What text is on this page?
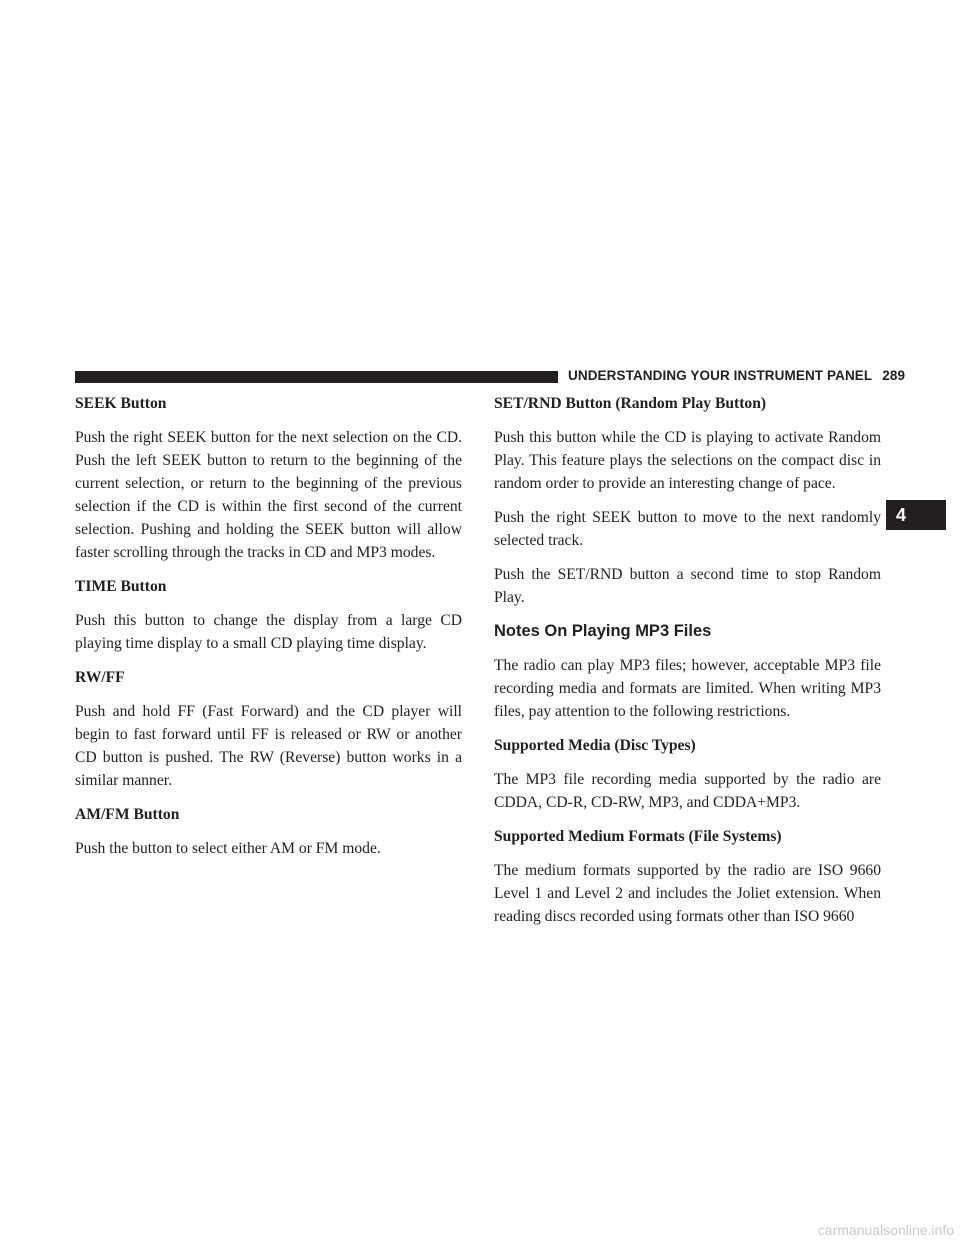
UNDERSTANDING YOUR INSTRUMENT PANEL 289
4
SEEK Button

Push the right SEEK button for the next selection on the CD. Push the left SEEK button to return to the beginning of the current selection, or return to the beginning of the previous selection if the CD is within the first second of the current selection. Pushing and holding the SEEK button will allow faster scrolling through the tracks in CD and MP3 modes.

TIME Button

Push this button to change the display from a large CD playing time display to a small CD playing time display.

RW/FF

Push and hold FF (Fast Forward) and the CD player will begin to fast forward until FF is released or RW or another CD button is pushed. The RW (Reverse) button works in a similar manner.

AM/FM Button

Push the button to select either AM or FM mode.

SET/RND Button (Random Play Button)

Push this button while the CD is playing to activate Random Play. This feature plays the selections on the compact disc in random order to provide an interesting change of pace.

Push the right SEEK button to move to the next randomly selected track.

Push the SET/RND button a second time to stop Random Play.

Notes On Playing MP3 Files

The radio can play MP3 files; however, acceptable MP3 file recording media and formats are limited. When writing MP3 files, pay attention to the following restrictions.

Supported Media (Disc Types)

The MP3 file recording media supported by the radio are CDDA, CD-R, CD-RW, MP3, and CDDA+MP3.

Supported Medium Formats (File Systems)

The medium formats supported by the radio are ISO 9660 Level 1 and Level 2 and includes the Joliet extension. When reading discs recorded using formats other than ISO 9660

carmanualsonline.info
